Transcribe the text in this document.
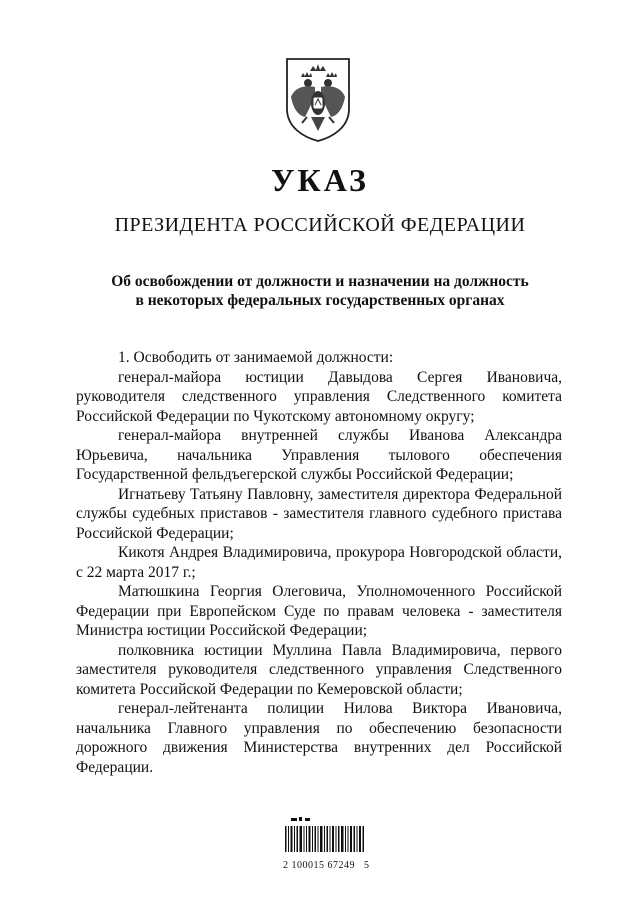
УКАЗ
ПРЕЗИДЕНТА РОССИЙСКОЙ ФЕДЕРАЦИИ
Об освобождении от должности и назначении на должность
в некоторых федеральных государственных органах

1. Освободить от занимаемой должности:

генерал-майора юстиции Давыдова Сергея Ивановича, руководителя следственного управления Следственного комитета Российской Федерации по Чукотскому автономному округу;

генерал-майора внутренней службы Иванова Александра Юрьевича, начальника Управления тылового обеспечения Государственной фельдъегерской службы Российской Федерации;

Игнатьеву Татьяну Павловну, заместителя директора Федеральной службы судебных приставов - заместителя главного судебного пристава Российской Федерации;

Кикотя Андрея Владимировича, прокурора Новгородской области, с 22 марта 2017 г.;

Матюшкина Георгия Олеговича, Уполномоченного Российской Федерации при Европейском Суде по правам человека - заместителя Министра юстиции Российской Федерации;

полковника юстиции Муллина Павла Владимировича, первого заместителя руководителя следственного управления Следственного комитета Российской Федерации по Кемеровской области;

генерал-лейтенанта полиции Нилова Виктора Ивановича, начальника Главного управления по обеспечению безопасности дорожного движения Министерства внутренних дел Российской Федерации.

2 100015 67249   5
